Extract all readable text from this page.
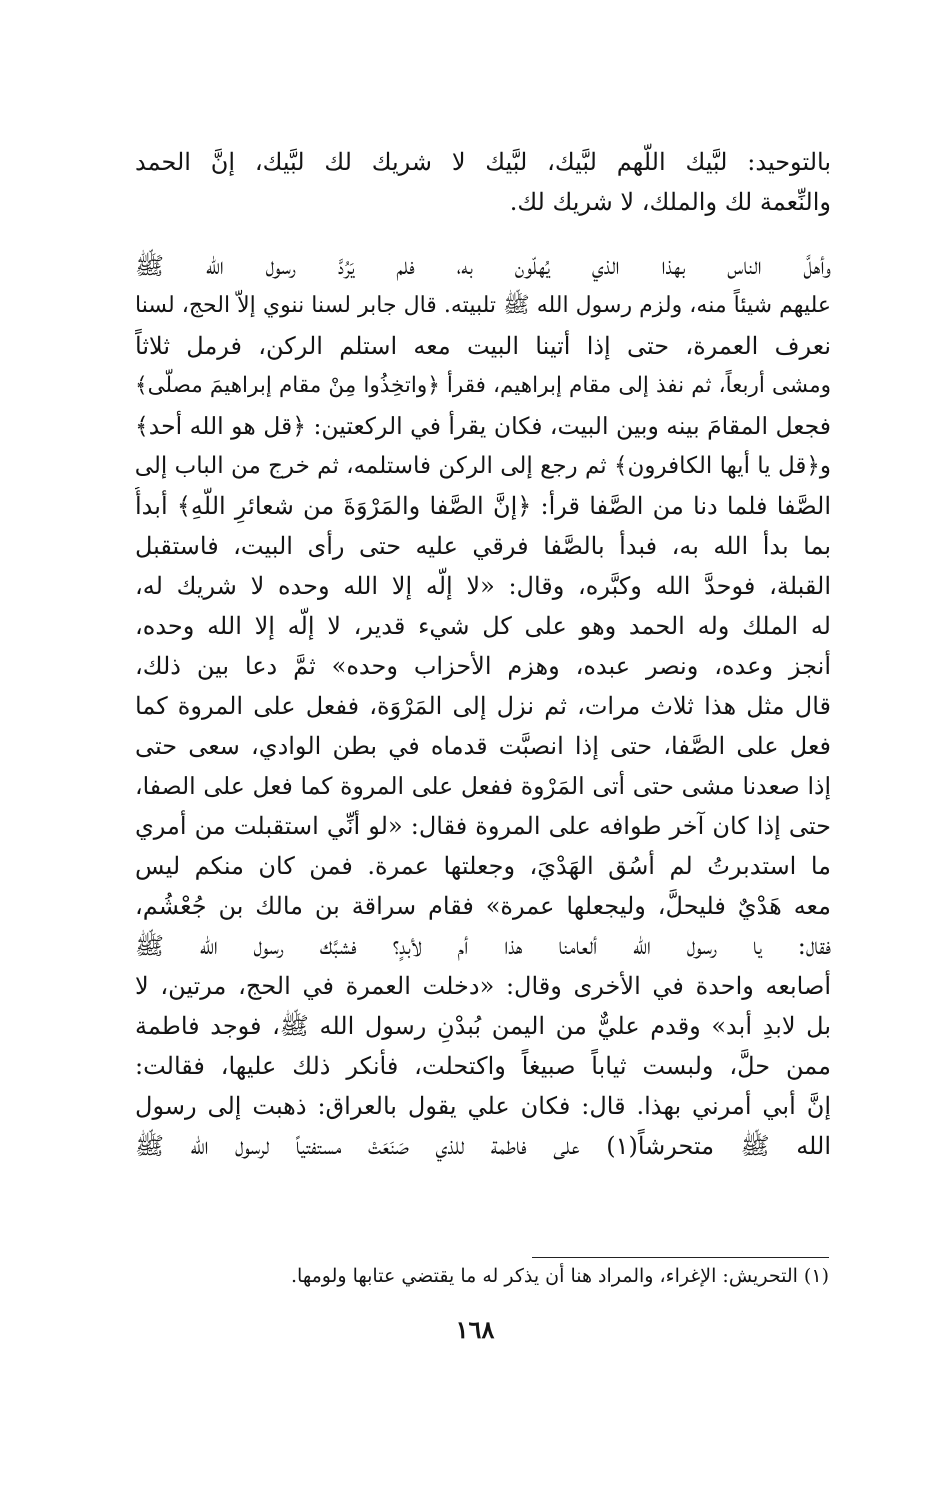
بالتوحيد: لبَّيك اللّهم لبَّيك، لبَّيك لا شريك لك لبَّيك، إنَّ الحمد
والنِّعمة لك والملك، لا شريك لك.
وأهلَّ الناس بهذا الذي يُهلّون به، فلم يَرُدَّ رسول الله ﷺ
عليهم شيئاً منه، ولزم رسول الله ﷺ تلبيته. قال جابر لسنا ننوي إلاّ الحج، لسنا
نعرف العمرة، حتى إذا أتينا البيت معه استلم الركن، فرمل ثلاثاً
ومشى أربعاً، ثم نفذ إلى مقام إبراهيم، فقرأ ﴿واتخِذُوا مِنْ مقام إبراهيمَ مصلّى﴾
فجعل المقامَ بينه وبين البيت، فكان يقرأ في الركعتين: ﴿قل هو الله أحد﴾
و﴿قل يا أيها الكافرون﴾ ثم رجع إلى الركن فاستلمه، ثم خرج من الباب إلى
الصَّفا فلما دنا من الصَّفا قرأ: ﴿إنَّ الصَّفا والمَرْوَةَ من شعائرِ اللّهِ﴾ أبدأُ
بما بدأ الله به، فبدأ بالصَّفا فرقي عليه حتى رأى البيت، فاستقبل
القبلة، فوحدَّ الله وكبَّره، وقال: «لا إلّه إلا الله وحده لا شريك له،
له الملك وله الحمد وهو على كل شيء قدير، لا إلّه إلا الله وحده،
أنجز وعده، ونصر عبده، وهزم الأحزاب وحده» ثمَّ دعا بين ذلك،
قال مثل هذا ثلاث مرات، ثم نزل إلى المَرْوَة، ففعل على المروة كما
فعل على الصَّفا، حتى إذا انصبَّت قدماه في بطن الوادي، سعى حتى
إذا صعدنا مشى حتى أتى المَرْوة ففعل على المروة كما فعل على الصفا،
حتى إذا كان آخر طوافه على المروة فقال: «لو أنِّي استقبلت من أمري
ما استدبرتُ لم أسُق الهَدْيَ، وجعلتها عمرة. فمن كان منكم ليس
معه هَدْيٌ فليحلَّ، وليجعلها عمرة» فقام سراقة بن مالك بن جُعْشُم،
فقال: يا رسول الله ألعامنا هذا أم لأبدٍ؟ فشبَّك رسول الله ﷺ
أصابعه واحدة في الأخرى وقال: «دخلت العمرة في الحج، مرتين، لا
بل لابدِ أبد» وقدم عليٌّ من اليمن بُبدْنِ رسول الله ﷺ، فوجد فاطمة
ممن حلَّ، ولبست ثياباً صبيغاً واكتحلت، فأنكر ذلك عليها، فقالت:
إنَّ أبي أمرني بهذا. قال: فكان علي يقول بالعراق: ذهبت إلى رسول
الله ﷺ متحرشاً(١) على فاطمة للذي صَنَعَتْ مستفتياً لرسول الله ﷺ
(١) التحريش: الإغراء، والمراد هنا أن يذكر له ما يقتضي عتابها ولومها.
١٦٨
